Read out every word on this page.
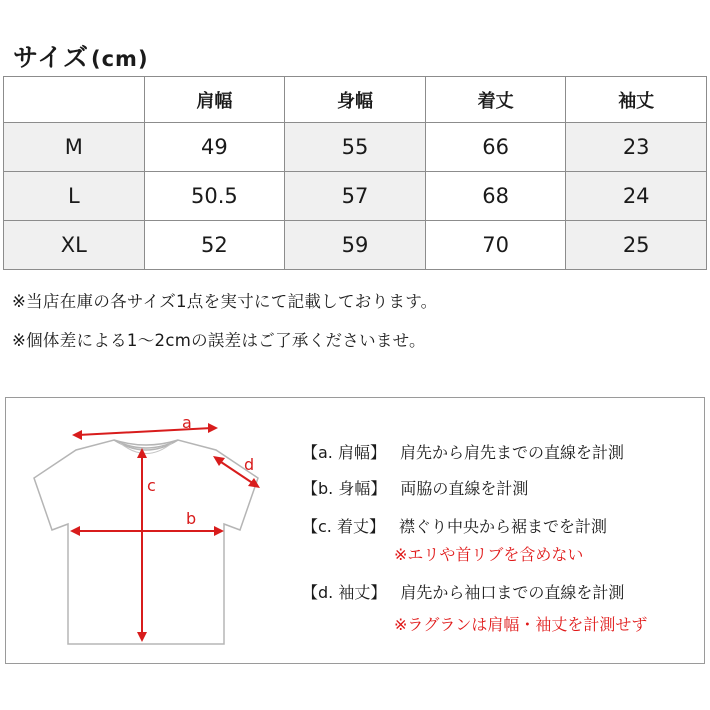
サイズ(cm)
	肩幅	身幅	着丈	袖丈
M	49	55	66	23
L	50.5	57	68	24
XL	52	59	70	25
※当店在庫の各サイズ1点を実寸にて記載しております。
※個体差による1〜2cmの誤差はご了承くださいませ。
a
b
c
d
【a. 肩幅】 肩先から肩先までの直線を計測
【b. 身幅】 両脇の直線を計測
【c. 着丈】 襟ぐり中央から裾までを計測
※エリや首リブを含めない
【d. 袖丈】 肩先から袖口までの直線を計測
※ラグランは肩幅・袖丈を計測せず
